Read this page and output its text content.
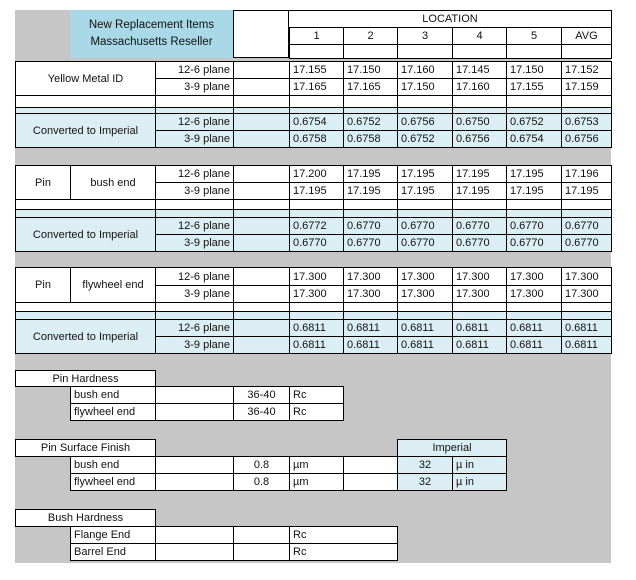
New Replacement Items
Massachusetts Reseller
LOCATION
1	2	3	4	5	AVG
Yellow Metal ID
12-6 plane	17.155	17.150	17.160	17.145	17.150	17.152
3-9 plane	17.165	17.165	17.150	17.160	17.155	17.159
Converted to Imperial
12-6 plane	0.6754	0.6752	0.6756	0.6750	0.6752	0.6753
3-9 plane	0.6758	0.6758	0.6752	0.6756	0.6754	0.6756
Pin	bush end
12-6 plane	17.200	17.195	17.195	17.195	17.195	17.196
3-9 plane	17.195	17.195	17.195	17.195	17.195	17.195
Converted to Imperial
12-6 plane	0.6772	0.6770	0.6770	0.6770	0.6770	0.6770
3-9 plane	0.6770	0.6770	0.6770	0.6770	0.6770	0.6770
Pin	flywheel end
12-6 plane	17.300	17.300	17.300	17.300	17.300	17.300
3-9 plane	17.300	17.300	17.300	17.300	17.300	17.300
Converted to Imperial
12-6 plane	0.6811	0.6811	0.6811	0.6811	0.6811	0.6811
3-9 plane	0.6811	0.6811	0.6811	0.6811	0.6811	0.6811
Pin Hardness
bush end	36-40	Rc
flywheel end	36-40	Rc
Pin Surface Finish	Imperial
bush end	0.8	µm	32	µ in
flywheel end	0.8	µm	32	µ in
Bush Hardness
Flange End	Rc
Barrel End	Rc
